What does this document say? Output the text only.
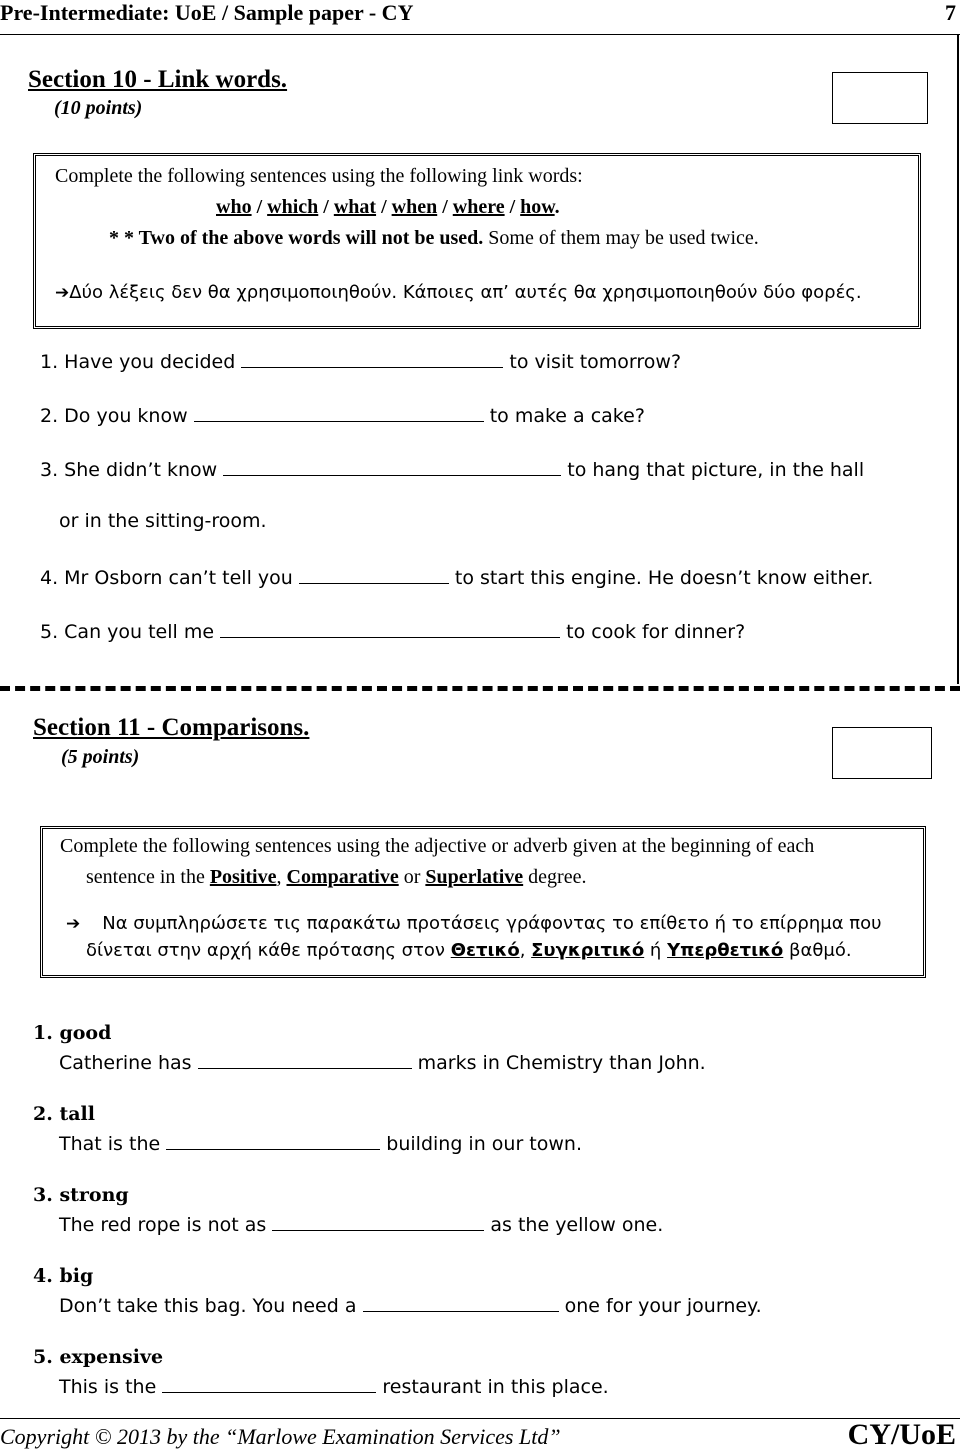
Pre-Intermediate: UoE / Sample paper - CY	7
Section 10 - Link words.
(10 points)
Complete the following sentences using the following link words:
who / which / what / when / where / how.
* * Two of the above words will not be used. Some of them may be used twice.
➔Δύο λέξεις δεν θα χρησιμοποιηθούν. Κάποιες απ’ αυτές θα χρησιμοποιηθούν δύο φορές.
1. Have you decided	to visit tomorrow?
2. Do you know	to make a cake?
3. She didn’t know	to hang that picture, in the hall
or in the sitting-room.
4. Mr Osborn can’t tell you	to start this engine. He doesn’t know either.
5. Can you tell me	to cook for dinner?
Section 11 - Comparisons.
(5 points)
Complete the following sentences using the adjective or adverb given at the beginning of each
sentence in the Positive, Comparative or Superlative degree.
➔ Να συμπληρώσετε τις παρακάτω προτάσεις γράφοντας το επίθετο ή το επίρρημα που
δίνεται στην αρχή κάθε πρότασης στον Θετικό, Συγκριτικό ή Υπερθετικό βαθμό.
1. good
Catherine has	marks in Chemistry than John.
2. tall
That is the	building in our town.
3. strong
The red rope is not as	as the yellow one.
4. big
Don’t take this bag. You need a	one for your journey.
5. expensive
This is the	restaurant in this place.
Copyright © 2013 by the “Marlowe Examination Services Ltd”	CY/UoE
